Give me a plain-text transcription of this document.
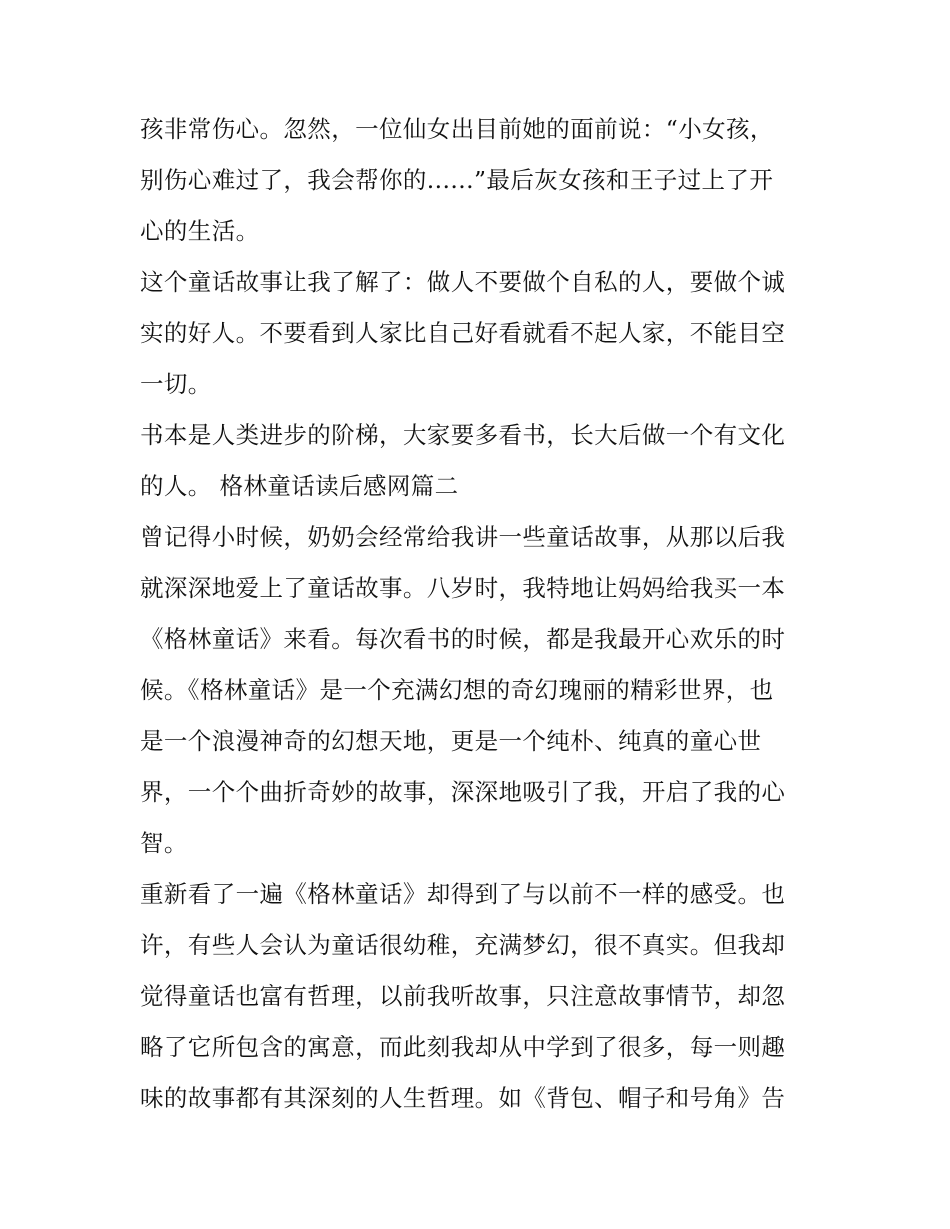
孩非常伤心。忽然，一位仙女出目前她的面前说：“小女孩，
别伤心难过了，我会帮你的......”最后灰女孩和王子过上了开
心的生活。
这个童话故事让我了解了：做人不要做个自私的人，要做个诚
实的好人。不要看到人家比自己好看就看不起人家，不能目空
一切。
书本是人类进步的阶梯，大家要多看书，长大后做一个有文化
的人。 格林童话读后感网篇二
曾记得小时候，奶奶会经常给我讲一些童话故事，从那以后我
就深深地爱上了童话故事。八岁时，我特地让妈妈给我买一本
《格林童话》来看。每次看书的时候，都是我最开心欢乐的时
候。《格林童话》是一个充满幻想的奇幻瑰丽的精彩世界，也
是一个浪漫神奇的幻想天地，更是一个纯朴、纯真的童心世
界，一个个曲折奇妙的故事，深深地吸引了我，开启了我的心
智。
重新看了一遍《格林童话》却得到了与以前不一样的感受。也
许，有些人会认为童话很幼稚，充满梦幻，很不真实。但我却
觉得童话也富有哲理，以前我听故事，只注意故事情节，却忽
略了它所包含的寓意，而此刻我却从中学到了很多，每一则趣
味的故事都有其深刻的人生哲理。如《背包、帽子和号角》告
